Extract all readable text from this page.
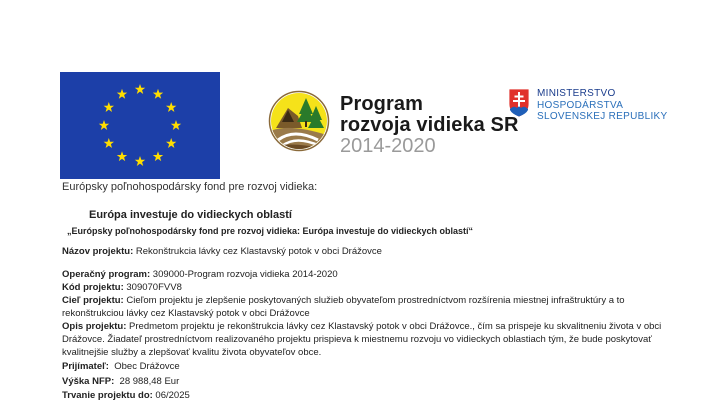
Program
rozvoja vidieka SR
2014-2020
MINISTERSTVO
HOSPODÁRSTVA
SLOVENSKEJ REPUBLIKY
Európsky poľnohospodársky fond pre rozvoj vidieka:
Európa investuje do vidieckych oblastí
„Európsky poľnohospodársky fond pre rozvoj vidieka: Európa investuje do vidieckych oblastí“
Názov projektu: Rekonštrukcia lávky cez Klastavský potok v obci Drážovce
Operačný program: 309000-Program rozvoja vidieka 2014-2020
Kód projektu: 309070FVV8
Cieľ projektu: Cieľom projektu je zlepšenie poskytovaných služieb obyvateľom prostredníctvom rozšírenia miestnej infraštruktúry a to
rekonštrukciou lávky cez Klastavský potok v obci Drážovce
Opis projektu: Predmetom projektu je rekonštrukcia lávky cez Klastavský potok v obci Drážovce., čím sa prispeje ku skvalitneniu života v obci
Drážovce. Žiadateľ prostredníctvom realizovaného projektu prispieva k miestnemu rozvoju vo vidieckych oblastiach tým, že bude poskytovať
kvalitnejšie služby a zlepšovať kvalitu života obyvateľov obce.
Prijímateľ:  Obec Drážovce
Výška NFP:  28 988,48 Eur
Trvanie projektu do: 06/2025
